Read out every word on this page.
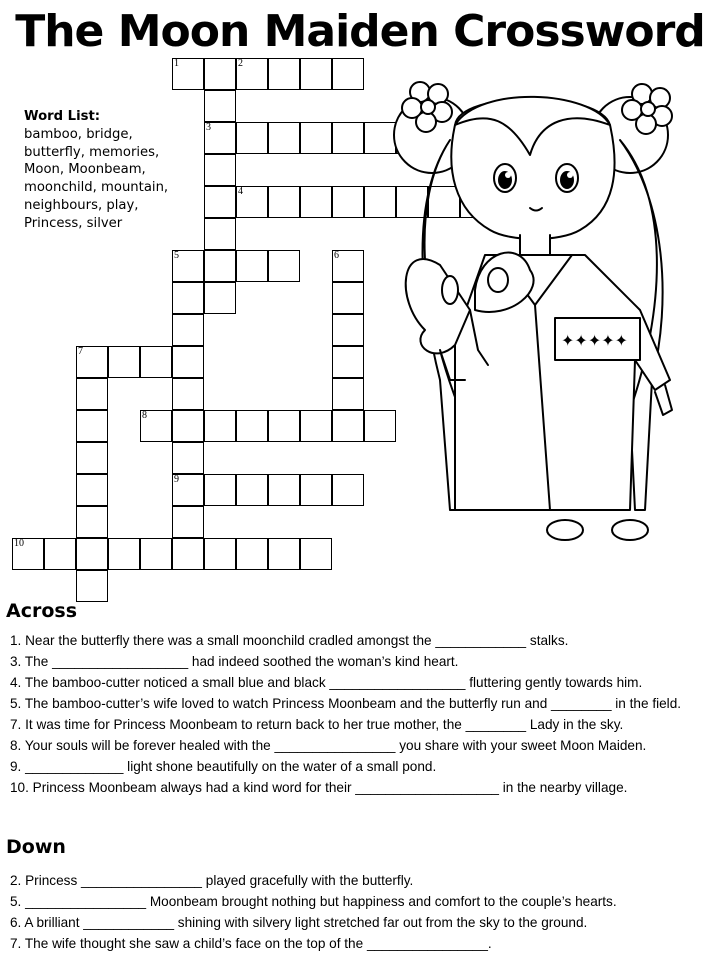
The Moon Maiden Crossword
Word List:
bamboo, bridge,
butterfly, memories,
Moon, Moonbeam,
moonchild, mountain,
neighbours, play,
Princess, silver
1	2
3
4
5
9
6
7
8
10
✦✦✦✦✦
Across
1. Near the butterfly there was a small moonchild cradled amongst the ____________ stalks.
3. The __________________ had indeed soothed the woman’s kind heart.
4. The bamboo-cutter noticed a small blue and black __________________ fluttering gently towards him.
5. The bamboo-cutter’s wife loved to watch Princess Moonbeam and the butterfly run and ________ in the field.
7. It was time for Princess Moonbeam to return back to her true mother, the ________ Lady in the sky.
8. Your souls will be forever healed with the ________________ you share with your sweet Moon Maiden.
9. _____________ light shone beautifully on the water of a small pond.
10. Princess Moonbeam always had a kind word for their ___________________ in the nearby village.
Down
2. Princess ________________ played gracefully with the butterfly.
5. ________________ Moonbeam brought nothing but happiness and comfort to the couple’s hearts.
6. A brilliant ____________ shining with silvery light stretched far out from the sky to the ground.
7. The wife thought she saw a child’s face on the top of the ________________.
